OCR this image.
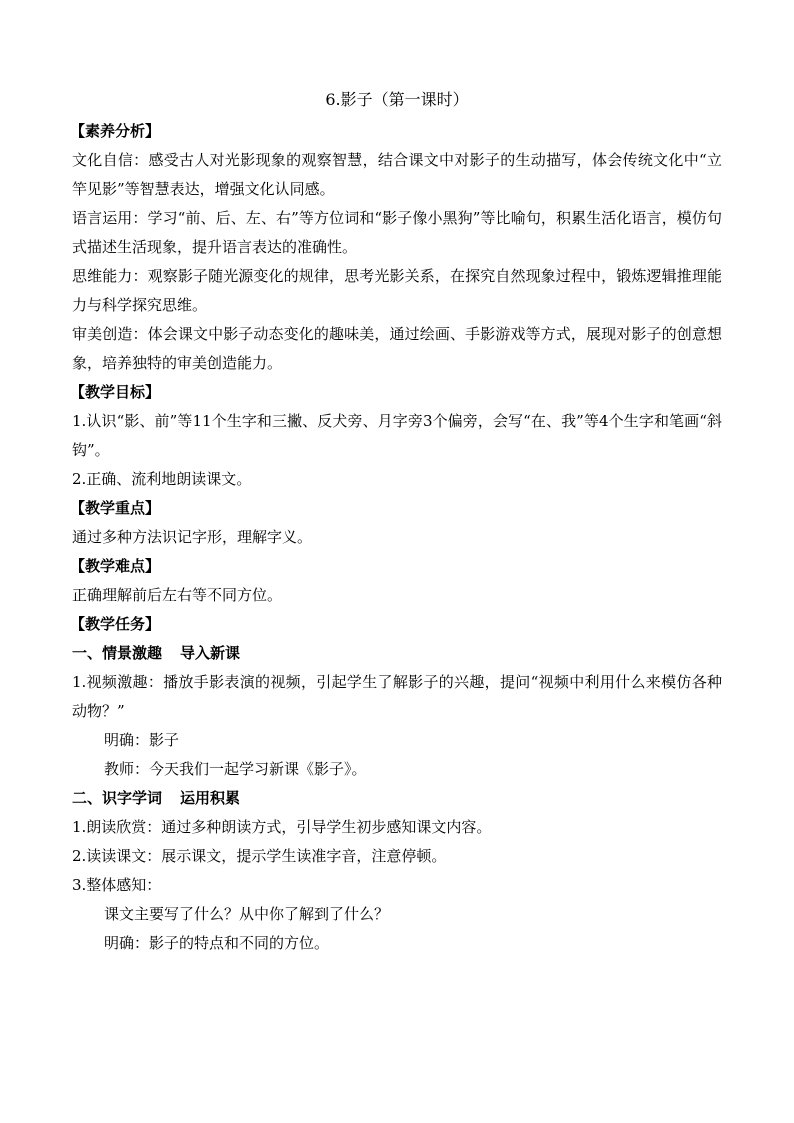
6.影子（第一课时）
【素养分析】
文化自信：感受古人对光影现象的观察智慧，结合课文中对影子的生动描写，体会传统文化中“立竿见影”等智慧表达，增强文化认同感。
语言运用：学习“前、后、左、右”等方位词和“影子像小黑狗”等比喻句，积累生活化语言，模仿句式描述生活现象，提升语言表达的准确性。
思维能力：观察影子随光源变化的规律，思考光影关系，在探究自然现象过程中，锻炼逻辑推理能力与科学探究思维。
审美创造：体会课文中影子动态变化的趣味美，通过绘画、手影游戏等方式，展现对影子的创意想象，培养独特的审美创造能力。
【教学目标】
1.认识“影、前”等11个生字和三撇、反犬旁、月字旁3个偏旁，会写“在、我”等4个生字和笔画“斜钩”。
2.正确、流利地朗读课文。
【教学重点】
通过多种方法识记字形，理解字义。
【教学难点】
正确理解前后左右等不同方位。
【教学任务】
一、情景激趣 导入新课
1.视频激趣：播放手影表演的视频，引起学生了解影子的兴趣，提问“视频中利用什么来模仿各种动物？”
明确：影子
教师：今天我们一起学习新课《影子》。
二、识字学词 运用积累
1.朗读欣赏：通过多种朗读方式，引导学生初步感知课文内容。
2.读读课文：展示课文，提示学生读准字音，注意停顿。
3.整体感知：
课文主要写了什么？从中你了解到了什么？
明确：影子的特点和不同的方位。
